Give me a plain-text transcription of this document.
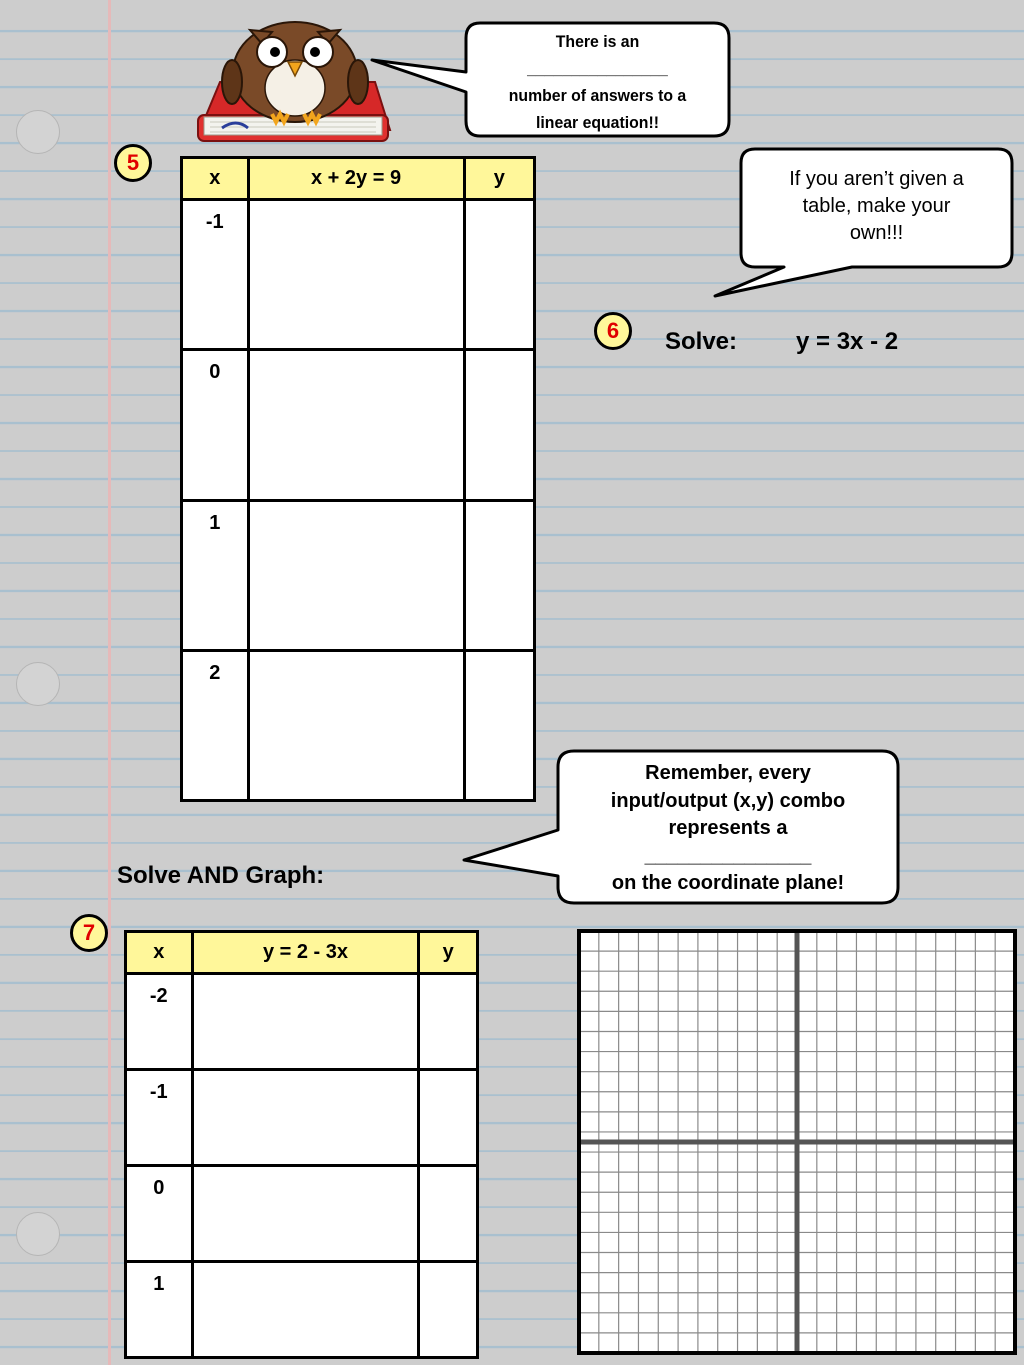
There is an
________________
number of answers to a
linear equation!!
If you aren’t given a
table, make your
own!!!
Remember, every
input/output (x,y) combo
represents a
_______________
on the coordinate plane!
5
x	x + 2y = 9	y

-1		

0		

1		

2		

6	Solve: y = 3x - 2
Solve AND Graph:
7
x	y = 2 - 3x	y

-2		

-1		

0		

1		
